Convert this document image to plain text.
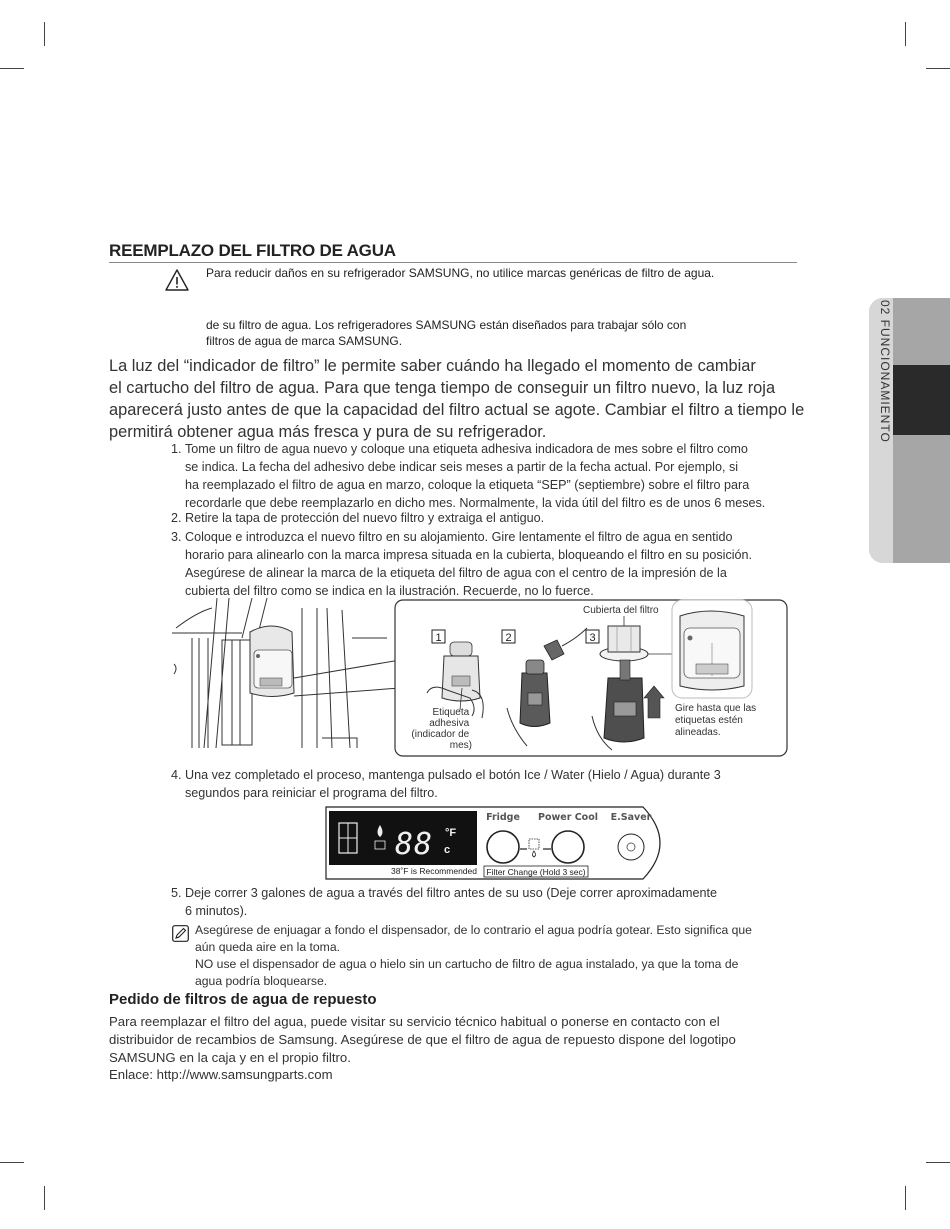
02 FUNCIONAMIENTO
REEMPLAZO DEL FILTRO DE AGUA
Para reducir daños en su refrigerador SAMSUNG, no utilice marcas genéricas de filtro de agua.
de su filtro de agua. Los refrigeradores SAMSUNG están diseñados para trabajar sólo con
filtros de agua de marca SAMSUNG.
La luz del “indicador de filtro” le permite saber cuándo ha llegado el momento de cambiar
el cartucho del filtro de agua. Para que tenga tiempo de conseguir un filtro nuevo, la luz roja
aparecerá justo antes de que la capacidad del filtro actual se agote. Cambiar el filtro a tiempo le
permitirá obtener agua más fresca y pura de su refrigerador.
1. Tome un filtro de agua nuevo y coloque una etiqueta adhesiva indicadora de mes sobre el filtro como
se indica. La fecha del adhesivo debe indicar seis meses a partir de la fecha actual. Por ejemplo, si
ha reemplazado el filtro de agua en marzo, coloque la etiqueta “SEP” (septiembre) sobre el filtro para
recordarle que debe reemplazarlo en dicho mes. Normalmente, la vida útil del filtro es de unos 6 meses.
2. Retire la tapa de protección del nuevo filtro y extraiga el antiguo.
3. Coloque e introduzca el nuevo filtro en su alojamiento. Gire lentamente el filtro de agua en sentido
horario para alinearlo con la marca impresa situada en la cubierta, bloqueando el filtro en su posición.
Asegúrese de alinear la marca de la etiqueta del filtro de agua con el centro de la impresión de la
cubierta del filtro como se indica en la ilustración. Recuerde, no lo fuerce.
1	2	3
Etiqueta adhesiva (indicador de mes)
Cubierta del filtro
Gire hasta que las etiquetas estén alineadas.
4. Una vez completado el proceso, mantenga pulsado el botón Ice / Water (Hielo / Agua) durante 3
segundos para reiniciar el programa del filtro.
88 °F
c
38˚F is Recommended
Fridge Power Cool E.Saver
Filter Change (Hold 3 sec)
5. Deje correr 3 galones de agua a través del filtro antes de su uso (Deje correr aproximadamente
6 minutos).
Asegúrese de enjuagar a fondo el dispensador, de lo contrario el agua podría gotear. Esto significa que
aún queda aire en la toma.
NO use el dispensador de agua o hielo sin un cartucho de filtro de agua instalado, ya que la toma de
agua podría bloquearse.
Pedido de filtros de agua de repuesto
Para reemplazar el filtro del agua, puede visitar su servicio técnico habitual o ponerse en contacto con el
distribuidor de recambios de Samsung. Asegúrese de que el filtro de agua de repuesto dispone del logotipo
SAMSUNG en la caja y en el propio filtro.
Enlace: http://www.samsungparts.com
